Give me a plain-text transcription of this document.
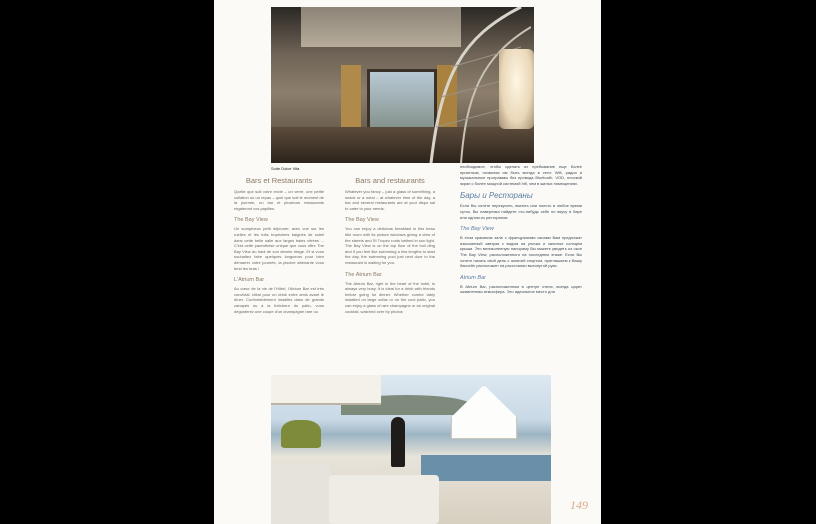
Suite Dolce Vita
Bars et Restaurants

Quelle que soit votre envie – un verre, une petite collation ou un repas – quel que soit le moment de la journée, un bar et plusieurs restaurants régaleront vos papilles.

The Bay View

Un somptueux petit déjeuner, avec vue sur les ruelles et les toits tropéziens baignés de soleil dans cette belle salle aux larges baies vitrées ... C'est cette parenthèse unique que vous offre The Bay View du haut de son dernier étage. Et si vous souhaitez faire quelques longueurs pour bien démarrer votre journée, la piscine attenante vous tend les bras !

L'Atrium Bar

Au cœur de la vie de l'Hôtel, l'Atrium Bar est très convivial. Idéal pour un drink entre amis avant le dîner. Confortablement installés dans de grands canapés ou à la fraîcheur du patio, vous dégusterez une coupe d'un champagne rare ou

Bars and restaurants

Whatever you fancy – just a glass of something, a snack or a meal – at whatever time of the day, a bar and several restaurants are at your dispo sal to cater to your needs.

The Bay View

You can enjoy a delicious breakfast in this beau tiful room with its picture windows giving a view of the streets and St Tropez roofs bathed in sun light. The Bay View is on the top floor of the buil ding and if you feel like swimming a few lengths to start the day, the swimming pool just next door to the restaurant is waiting for you.

The Atrium Bar

The Atrium Bar, right in the heart of the hotel, is always very busy. It is ideal for a drink with friends before going for dinner. Whether comfor tably installed on large sofas or on the cool patio, you can enjoy a glass of rare champagne or an original cocktail, watched over by photos

необходимое, чтобы сделать их пребывание еще более приятным, позволяя им быть всегда в сети: Wifi, радио и музыкальные программы без провода Bluetooth, VOD, плоский экран с более мощной системой hifi, чем в жилых помещениях.

Бары и Рестораны

Если Вы хотите перекусить, выпить или поесть в любое время суток, Вы наверняка найдете что-нибудь себе по вкусу в баре или одном из ресторанов.

The Bay View

В этом красивом зале с французскими окнами Вам предложат изысканный завтрак с видом на улочки и залитые солнцем крыши. Это великолепную панораму Вы можете увидеть из окон The Bay View, расположенного на последнем этаже. Если Вы хотите начать свой день с занятий спортом, приглашаем к Вашу бассейн расположен на расстоянии вытянутой руки.

Atrium Bar

В Atrium Bar, расположенном в центре отеля, всегда царит оживленная атмосфера. Это идеальное место для

149
